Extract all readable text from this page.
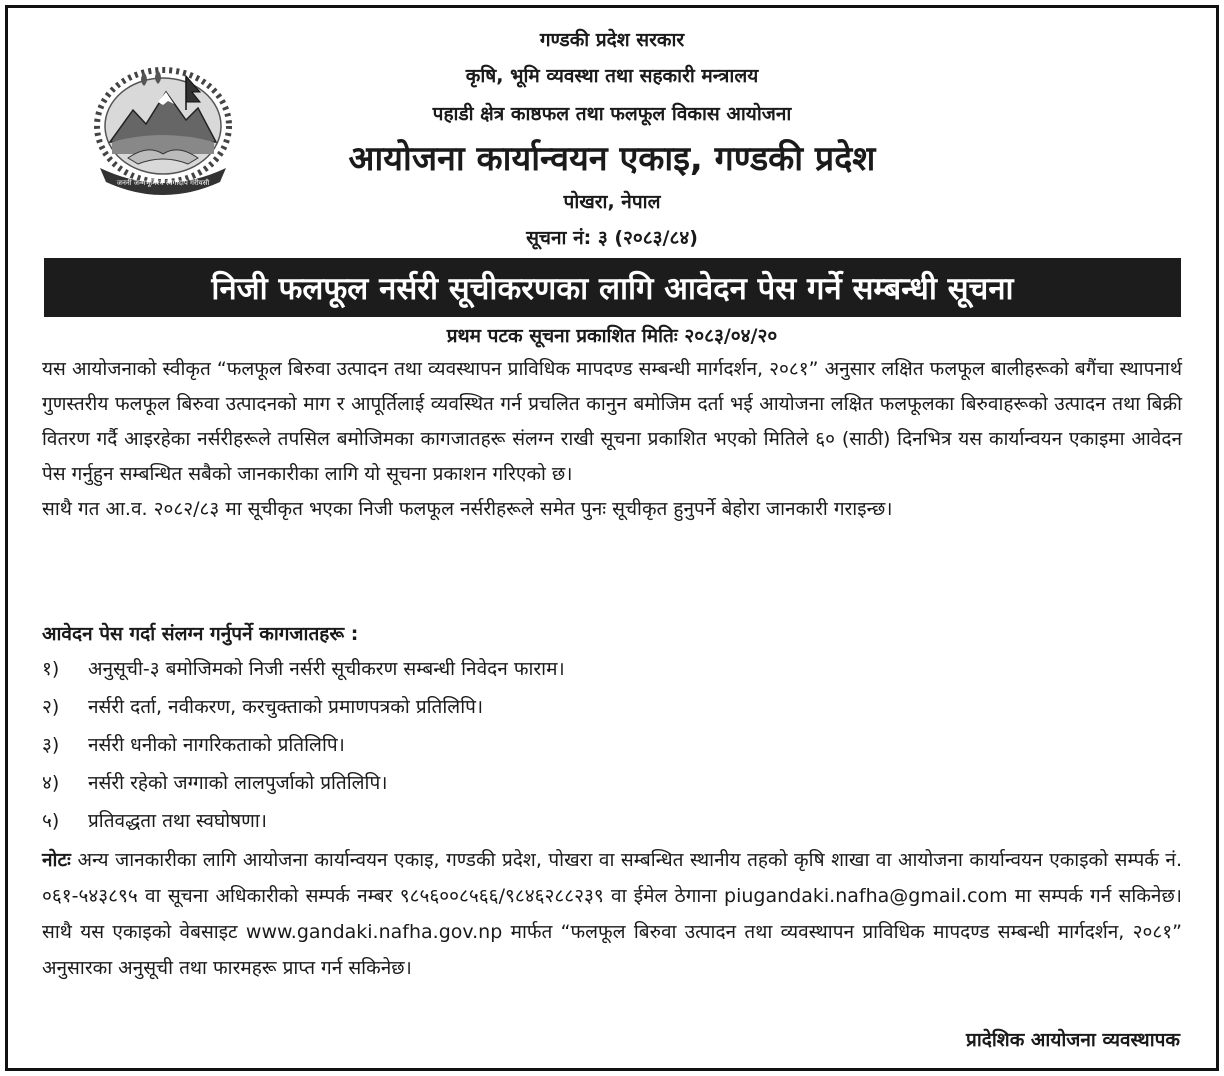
जननी जन्मभूमिश्च स्वर्गादपि गरीयसी
गण्डकी प्रदेश सरकार
कृषि, भूमि व्यवस्था तथा सहकारी मन्त्रालय
पहाडी क्षेत्र काष्ठफल तथा फलफूल विकास आयोजना
आयोजना कार्यान्वयन एकाइ, गण्डकी प्रदेश
पोखरा, नेपाल
सूचना नं: ३ (२०८३/८४)
निजी फलफूल नर्सरी सूचीकरणका लागि आवेदन पेस गर्ने सम्बन्धी सूचना
प्रथम पटक सूचना प्रकाशित मितिः २०८३/०४/२०

यस आयोजनाको स्वीकृत “फलफूल बिरुवा उत्पादन तथा व्यवस्थापन प्राविधिक मापदण्ड सम्बन्धी मार्गदर्शन, २०८१” अनुसार लक्षित फलफूल बालीहरूको बगैंचा स्थापनार्थ गुणस्तरीय फलफूल बिरुवा उत्पादनको माग र आपूर्तिलाई व्यवस्थित गर्न प्रचलित कानुन बमोजिम दर्ता भई आयोजना लक्षित फलफूलका बिरुवाहरूको उत्पादन तथा बिक्री वितरण गर्दै आइरहेका नर्सरीहरूले तपसिल बमोजिमका कागजातहरू संलग्न राखी सूचना प्रकाशित भएको मितिले ६० (साठी) दिनभित्र यस कार्यान्वयन एकाइमा आवेदन पेस गर्नुहुन सम्बन्धित सबैको जानकारीका लागि यो सूचना प्रकाशन गरिएको छ।

साथै गत आ.व. २०८२/८३ मा सूचीकृत भएका निजी फलफूल नर्सरीहरूले समेत पुनः सूचीकृत हुनुपर्ने बेहोरा जानकारी गराइन्छ।

आवेदन पेस गर्दा संलग्न गर्नुपर्ने कागजातहरू :
१)	अनुसूची-३ बमोजिमको निजी नर्सरी सूचीकरण सम्बन्धी निवेदन फाराम।
२)	नर्सरी दर्ता, नवीकरण, करचुक्ताको प्रमाणपत्रको प्रतिलिपि।
३)	नर्सरी धनीको नागरिकताको प्रतिलिपि।
४)	नर्सरी रहेको जग्गाको लालपुर्जाको प्रतिलिपि।
५)	प्रतिवद्धता तथा स्वघोषणा।

नोटः अन्य जानकारीका लागि आयोजना कार्यान्वयन एकाइ, गण्डकी प्रदेश, पोखरा वा सम्बन्धित स्थानीय तहको कृषि शाखा वा आयोजना कार्यान्वयन एकाइको सम्पर्क नं. ०६१-५४३८९५ वा सूचना अधिकारीको सम्पर्क नम्बर ९८५६००८५६६/९८४६२८८२३९ वा ईमेल ठेगाना piugandaki.nafha@gmail.com मा सम्पर्क गर्न सकिनेछ। साथै यस एकाइको वेबसाइट www.gandaki.nafha.gov.np मार्फत “फलफूल बिरुवा उत्पादन तथा व्यवस्थापन प्राविधिक मापदण्ड सम्बन्धी मार्गदर्शन, २०८१” अनुसारका अनुसूची तथा फारमहरू प्राप्त गर्न सकिनेछ।

प्रादेशिक आयोजना व्यवस्थापक
